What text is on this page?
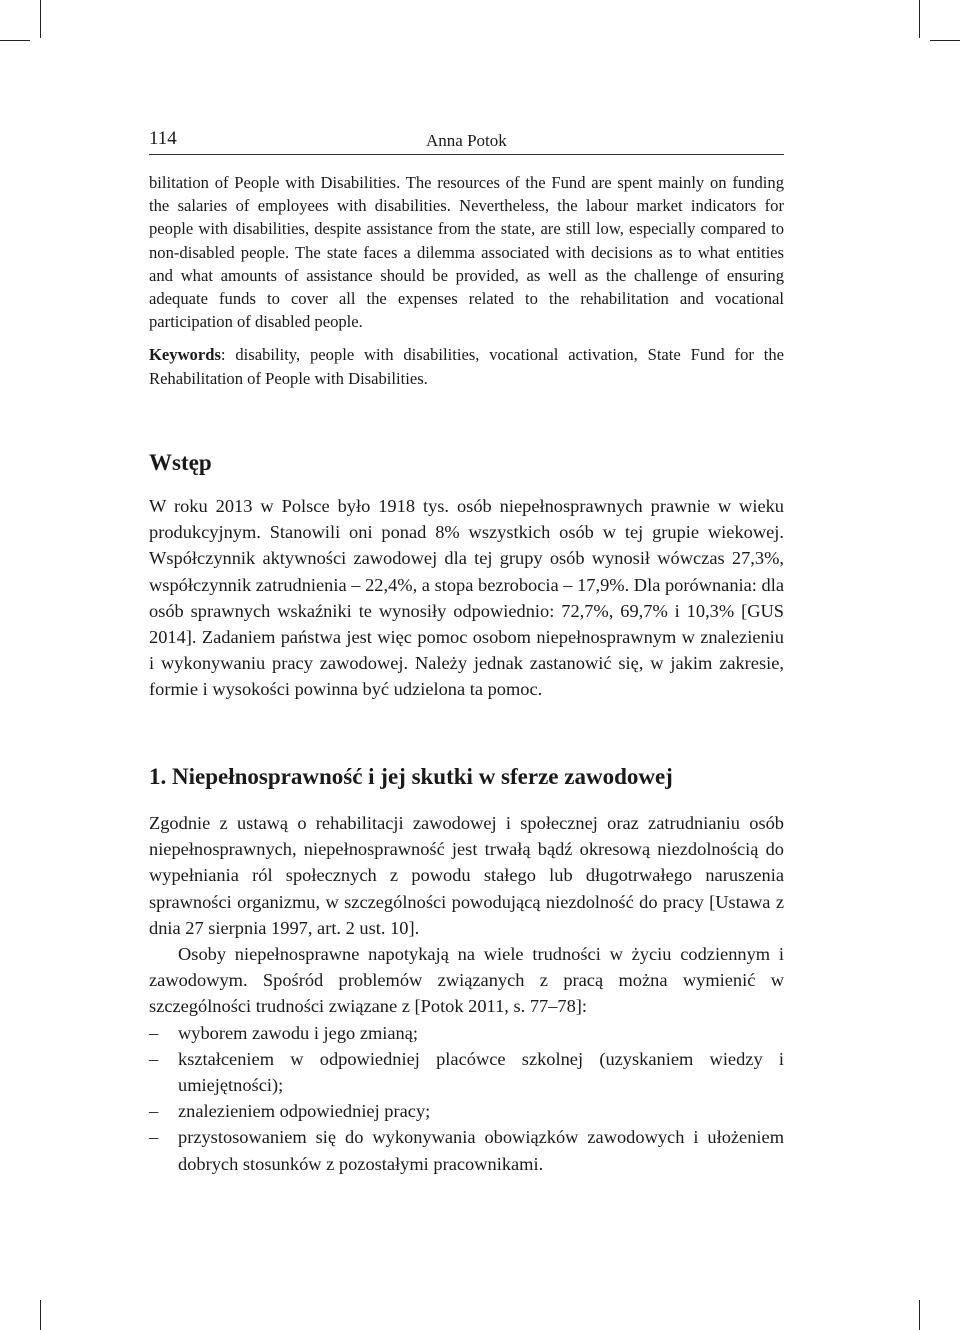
114	Anna Potok

bilitation of People with Disabilities. The resources of the Fund are spent mainly on funding the salaries of employees with disabilities. Nevertheless, the labour market indicators for people with disabilities, despite assistance from the state, are still low, especially compared to non-disabled people. The state faces a dilemma associated with decisions as to what entities and what amounts of assistance should be provided, as well as the challenge of ensuring adequate funds to cover all the expenses related to the rehabilitation and vocational participation of disabled people.

Keywords: disability, people with disabilities, vocational activation, State Fund for the Rehabilitation of People with Disabilities.

Wstęp

W roku 2013 w Polsce było 1918 tys. osób niepełnosprawnych prawnie w wieku produkcyjnym. Stanowili oni ponad 8% wszystkich osób w tej grupie wiekowej. Współczynnik aktywności zawodowej dla tej grupy osób wynosił wówczas 27,3%, współczynnik zatrudnienia – 22,4%, a stopa bezrobocia – 17,9%. Dla porównania: dla osób sprawnych wskaźniki te wynosiły odpowiednio: 72,7%, 69,7% i 10,3% [GUS 2014]. Zadaniem państwa jest więc pomoc osobom niepełnosprawnym w znalezieniu i wykonywaniu pracy zawodowej. Należy jednak zastanowić się, w jakim zakresie, formie i wysokości powinna być udzielona ta pomoc.

1. Niepełnosprawność i jej skutki w sferze zawodowej

Zgodnie z ustawą o rehabilitacji zawodowej i społecznej oraz zatrudnianiu osób niepełnosprawnych, niepełnosprawność jest trwałą bądź okresową niezdolnością do wypełniania ról społecznych z powodu stałego lub długotrwałego naruszenia sprawności organizmu, w szczególności powodującą niezdolność do pracy [Ustawa z dnia 27 sierpnia 1997, art. 2 ust. 10].

Osoby niepełnosprawne napotykają na wiele trudności w życiu codziennym i zawodowym. Spośród problemów związanych z pracą można wymienić w szczególności trudności związane z [Potok 2011, s. 77–78]:

– wyborem zawodu i jego zmianą;
– kształceniem w odpowiedniej placówce szkolnej (uzyskaniem wiedzy i umiejętności);
– znalezieniem odpowiedniej pracy;
– przystosowaniem się do wykonywania obowiązków zawodowych i ułożeniem dobrych stosunków z pozostałymi pracownikami.
